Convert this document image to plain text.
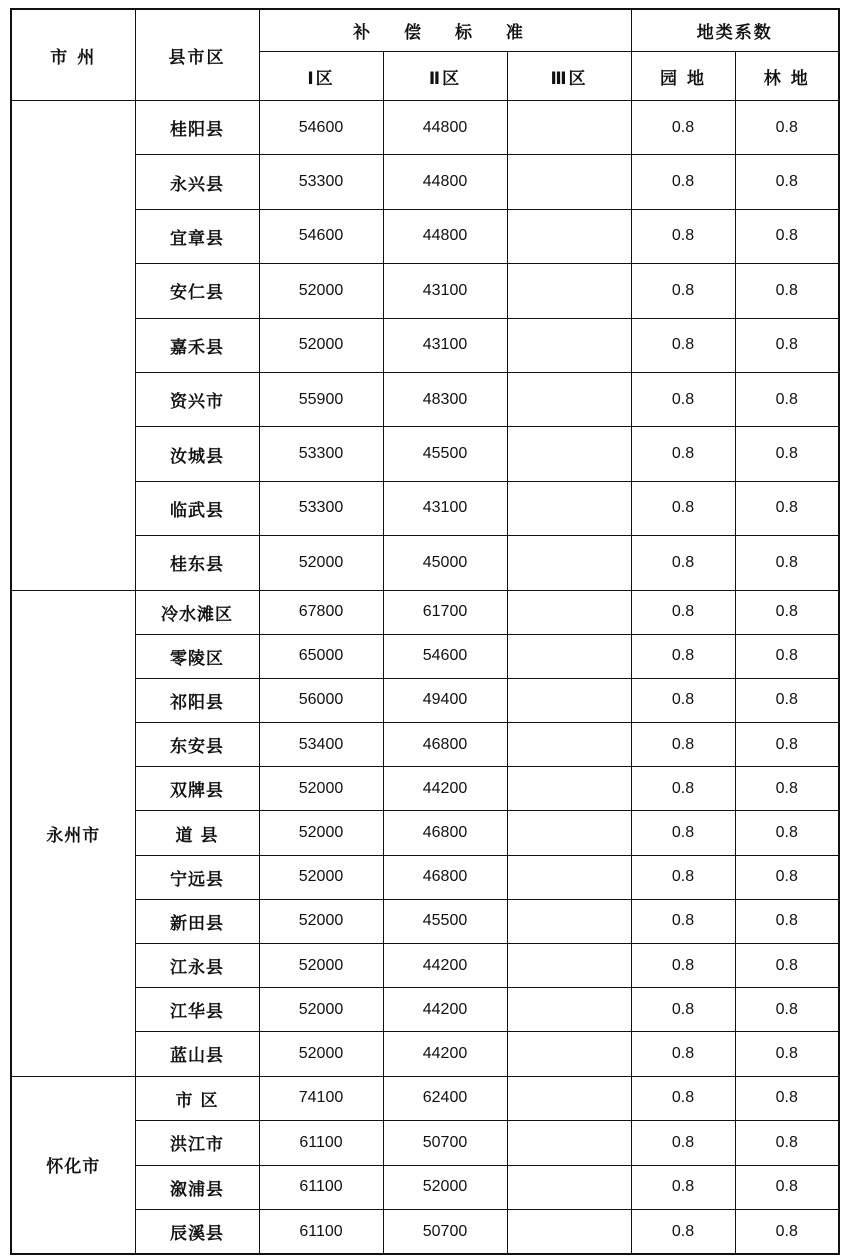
市 州	县市区	补 偿 标 准			地类系数	
		Ⅰ区	Ⅱ区	Ⅲ区	园 地	林 地
	桂阳县	54600	44800		0.8	0.8
	永兴县	53300	44800		0.8	0.8
	宜章县	54600	44800		0.8	0.8
	安仁县	52000	43100		0.8	0.8
	嘉禾县	52000	43100		0.8	0.8
	资兴市	55900	48300		0.8	0.8
	汝城县	53300	45500		0.8	0.8
	临武县	53300	43100		0.8	0.8
	桂东县	52000	45000		0.8	0.8
永州市	冷水滩区	67800	61700		0.8	0.8
	零陵区	65000	54600		0.8	0.8
	祁阳县	56000	49400		0.8	0.8
	东安县	53400	46800		0.8	0.8
	双牌县	52000	44200		0.8	0.8
	道 县	52000	46800		0.8	0.8
	宁远县	52000	46800		0.8	0.8
	新田县	52000	45500		0.8	0.8
	江永县	52000	44200		0.8	0.8
	江华县	52000	44200		0.8	0.8
	蓝山县	52000	44200		0.8	0.8
怀化市	市 区	74100	62400		0.8	0.8
	洪江市	61100	50700		0.8	0.8
	溆浦县	61100	52000		0.8	0.8
	辰溪县	61100	50700		0.8	0.8
